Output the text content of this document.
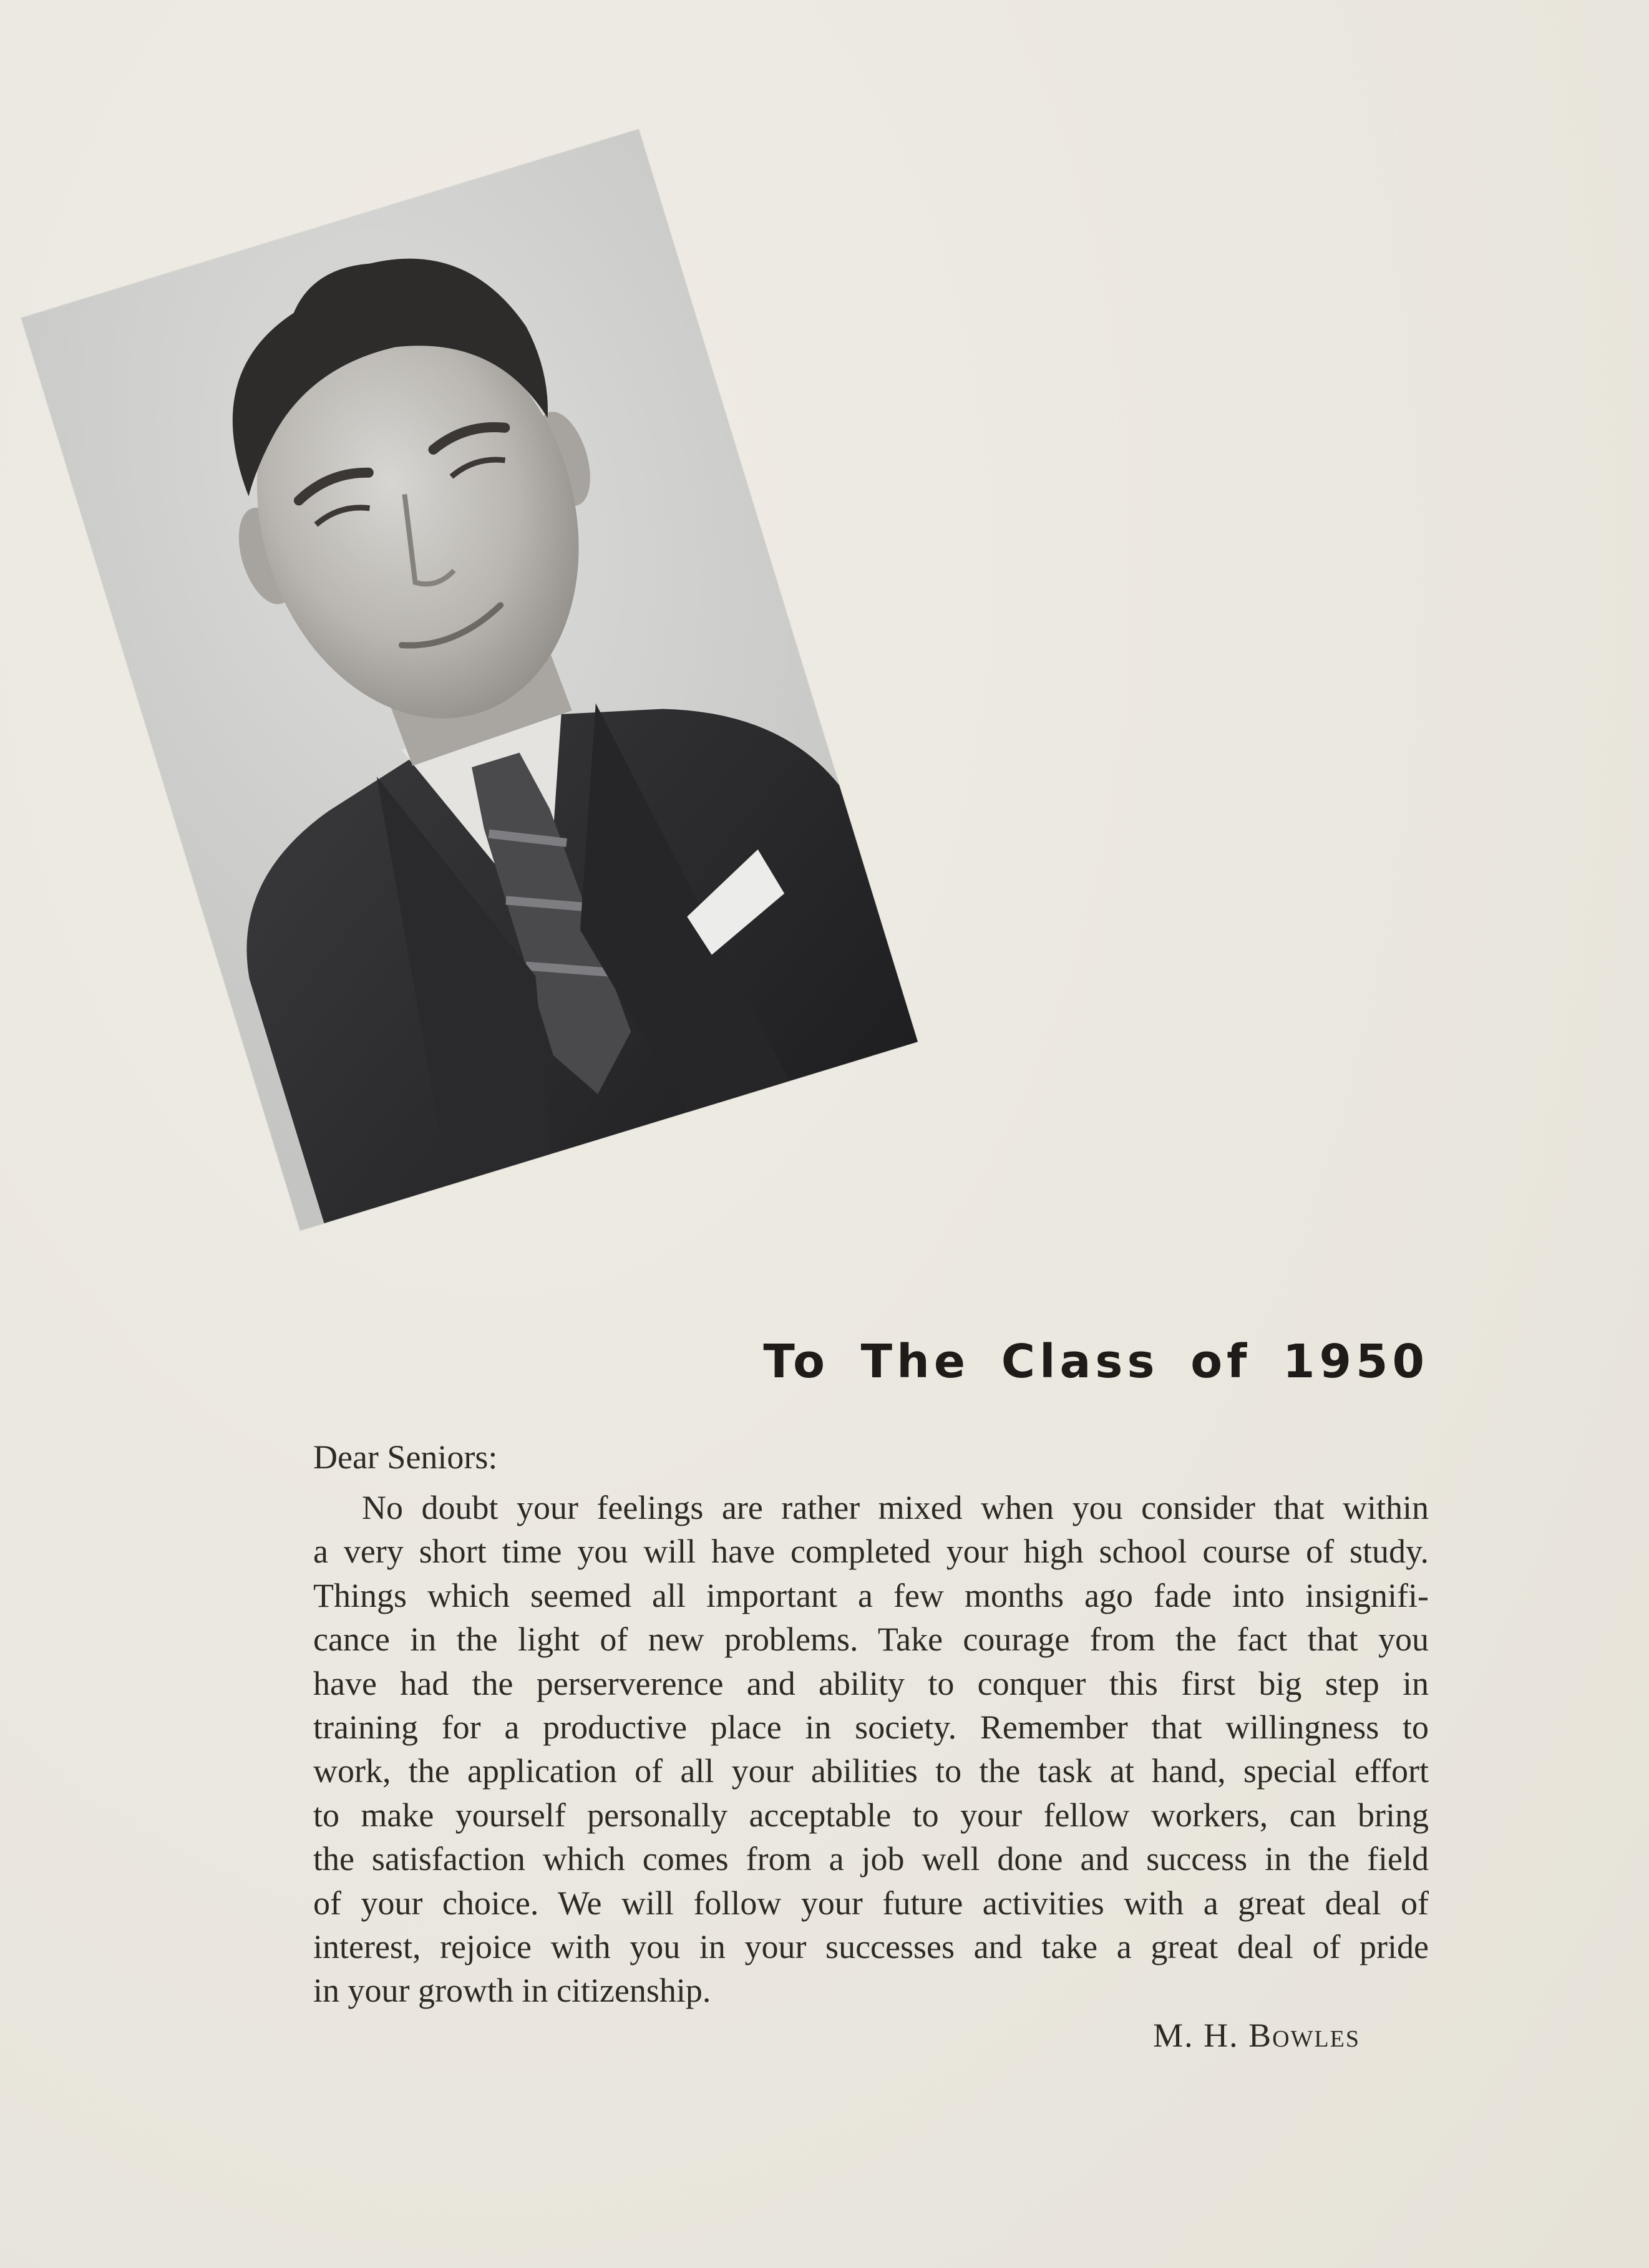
To The Class of 1950
Dear Seniors:
No doubt your feelings are rather mixed when you consider that within
a very short time you will have completed your high school course of study.
Things which seemed all important a few months ago fade into insignifi-
cance in the light of new problems. Take courage from the fact that you
have had the perserverence and ability to conquer this first big step in
training for a productive place in society. Remember that willingness to
work, the application of all your abilities to the task at hand, special effort
to make yourself personally acceptable to your fellow workers, can bring
the satisfaction which comes from a job well done and success in the field
of your choice. We will follow your future activities with a great deal of
interest, rejoice with you in your successes and take a great deal of pride
in your growth in citizenship.
M. H. Bowles
